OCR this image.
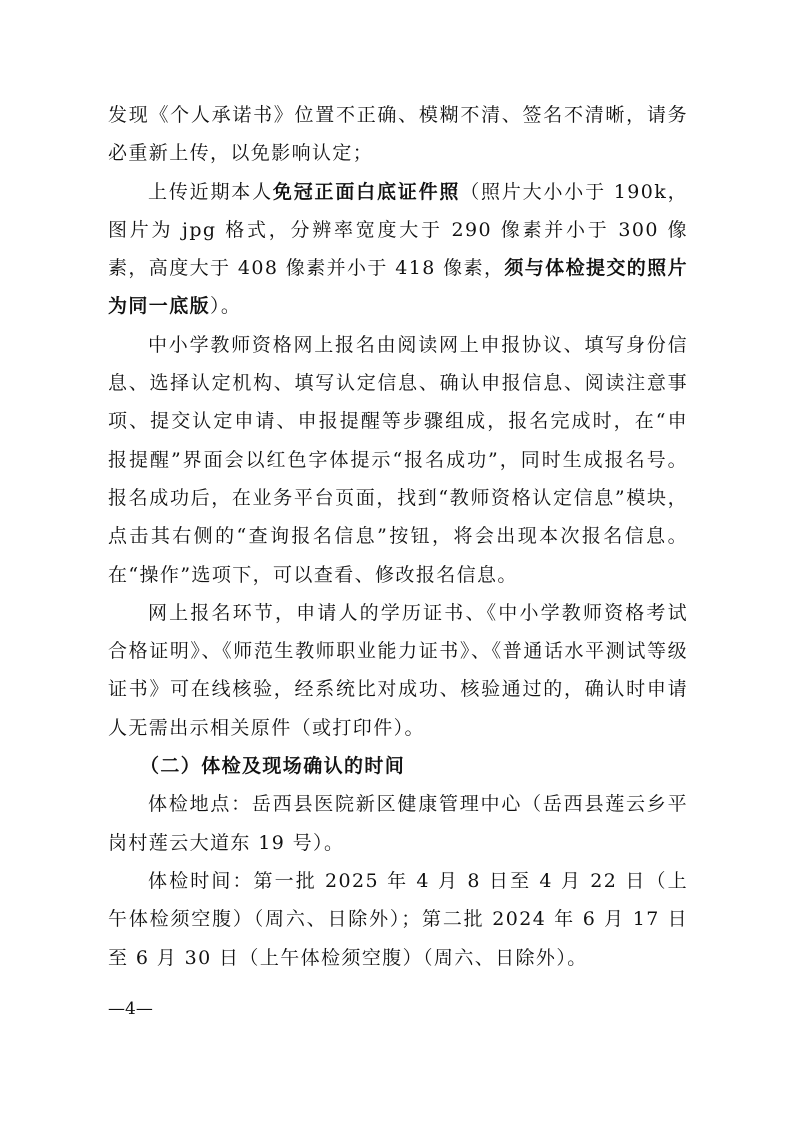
发现《个人承诺书》位置不正确、模糊不清、签名不清晰，请务必重新上传，以免影响认定；

上传近期本人免冠正面白底证件照（照片大小小于 190k，图片为 jpg 格式，分辨率宽度大于 290 像素并小于 300 像素，高度大于 408 像素并小于 418 像素，须与体检提交的照片为同一底版）。

中小学教师资格网上报名由阅读网上申报协议、填写身份信息、选择认定机构、填写认定信息、确认申报信息、阅读注意事项、提交认定申请、申报提醒等步骤组成，报名完成时，在“申报提醒”界面会以红色字体提示“报名成功”，同时生成报名号。报名成功后，在业务平台页面，找到“教师资格认定信息”模块，点击其右侧的“查询报名信息”按钮，将会出现本次报名信息。在“操作”选项下，可以查看、修改报名信息。

网上报名环节，申请人的学历证书、《中小学教师资格考试合格证明》、《师范生教师职业能力证书》、《普通话水平测试等级证书》可在线核验，经系统比对成功、核验通过的，确认时申请人无需出示相关原件（或打印件）。

（二）体检及现场确认的时间

体检地点：岳西县医院新区健康管理中心（岳西县莲云乡平岗村莲云大道东 19 号）。

体检时间：第一批 2025 年 4 月 8 日至 4 月 22 日（上午体检须空腹）（周六、日除外）；第二批 2024 年 6 月 17 日至 6 月 30 日（上午体检须空腹）（周六、日除外）。

—4—
